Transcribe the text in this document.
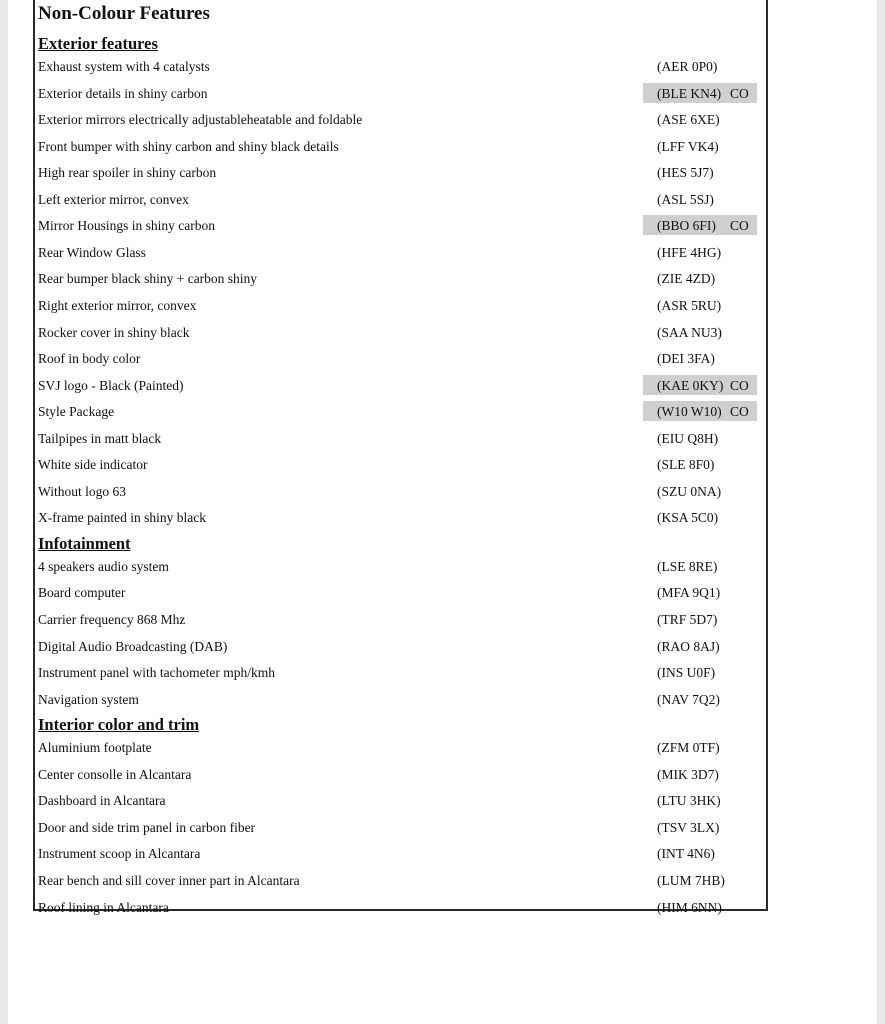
Non-Colour Features
Exterior features
Exhaust system with 4 catalysts	(AER 0P0)
Exterior details in shiny carbon	(BLE KN4) CO
Exterior mirrors electrically adjustableheatable and foldable	(ASE 6XE)
Front bumper with shiny carbon and shiny black details	(LFF VK4)
High rear spoiler in shiny carbon	(HES 5J7)
Left exterior mirror, convex	(ASL 5SJ)
Mirror Housings in shiny carbon	(BBO 6FI) CO
Rear Window Glass	(HFE 4HG)
Rear bumper black shiny + carbon shiny	(ZIE 4ZD)
Right exterior mirror, convex	(ASR 5RU)
Rocker cover in shiny black	(SAA NU3)
Roof in body color	(DEI 3FA)
SVJ logo - Black (Painted)	(KAE 0KY) CO
Style Package	(W10 W10) CO
Tailpipes in matt black	(EIU Q8H)
White side indicator	(SLE 8F0)
Without logo 63	(SZU 0NA)
X-frame painted in shiny black	(KSA 5C0)
Infotainment
4 speakers audio system	(LSE 8RE)
Board computer	(MFA 9Q1)
Carrier frequency 868 Mhz	(TRF 5D7)
Digital Audio Broadcasting (DAB)	(RAO 8AJ)
Instrument panel with tachometer mph/kmh	(INS U0F)
Navigation system	(NAV 7Q2)
Interior color and trim
Aluminium footplate	(ZFM 0TF)
Center consolle in Alcantara	(MIK 3D7)
Dashboard in Alcantara	(LTU 3HK)
Door and side trim panel in carbon fiber	(TSV 3LX)
Instrument scoop in Alcantara	(INT 4N6)
Rear bench and sill cover inner part in Alcantara	(LUM 7HB)
Roof lining in Alcantara	(HIM 6NN)
